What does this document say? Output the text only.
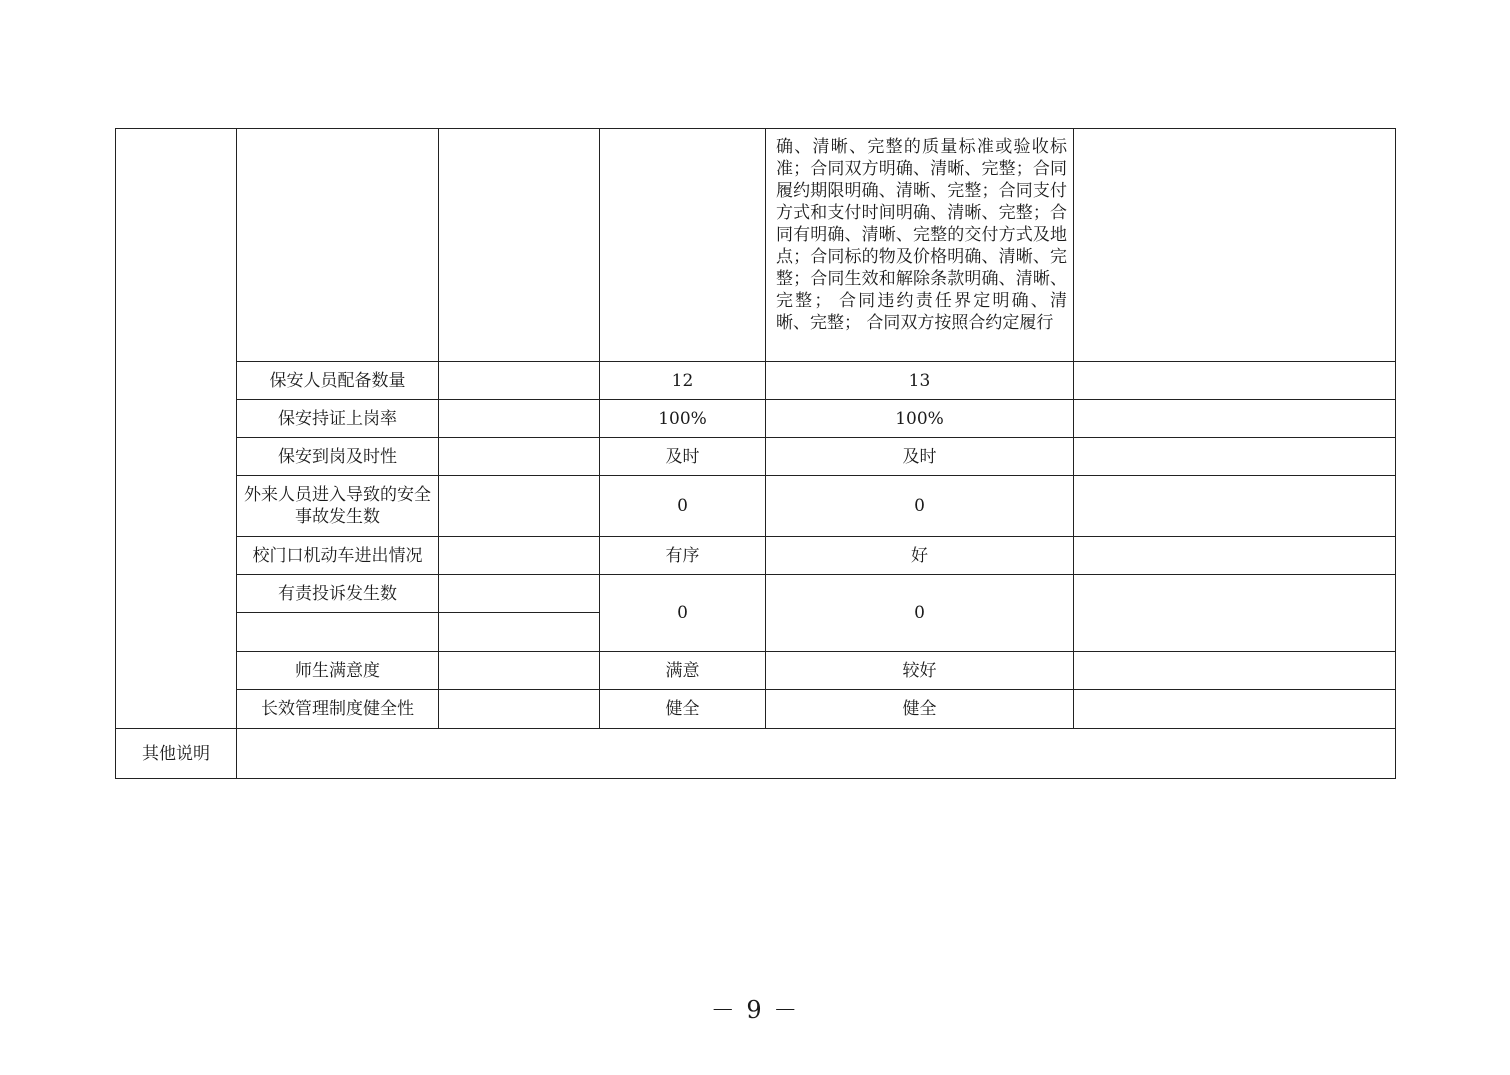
				确、清晰、完整的质量标准或验收标准；合同双方明确、清晰、完整；合同履约期限明确、清晰、完整；合同支付方式和支付时间明确、清晰、完整；合同有明确、清晰、完整的交付方式及地点；合同标的物及价格明确、清晰、完整；合同生效和解除条款明确、清晰、完整； 合同违约责任界定明确、清晰、完整； 合同双方按照合约定履行	
	保安人员配备数量		12	13	
	保安持证上岗率		100%	100%	
	保安到岗及时性		及时	及时	
	外来人员进入导致的安全事故发生数		0	0	
	校门口机动车进出情况		有序	好	
	有责投诉发生数		0	0	

	师生满意度		满意	较好	
	长效管理制度健全性		健全	健全	
其他说明					
－ 9 －
